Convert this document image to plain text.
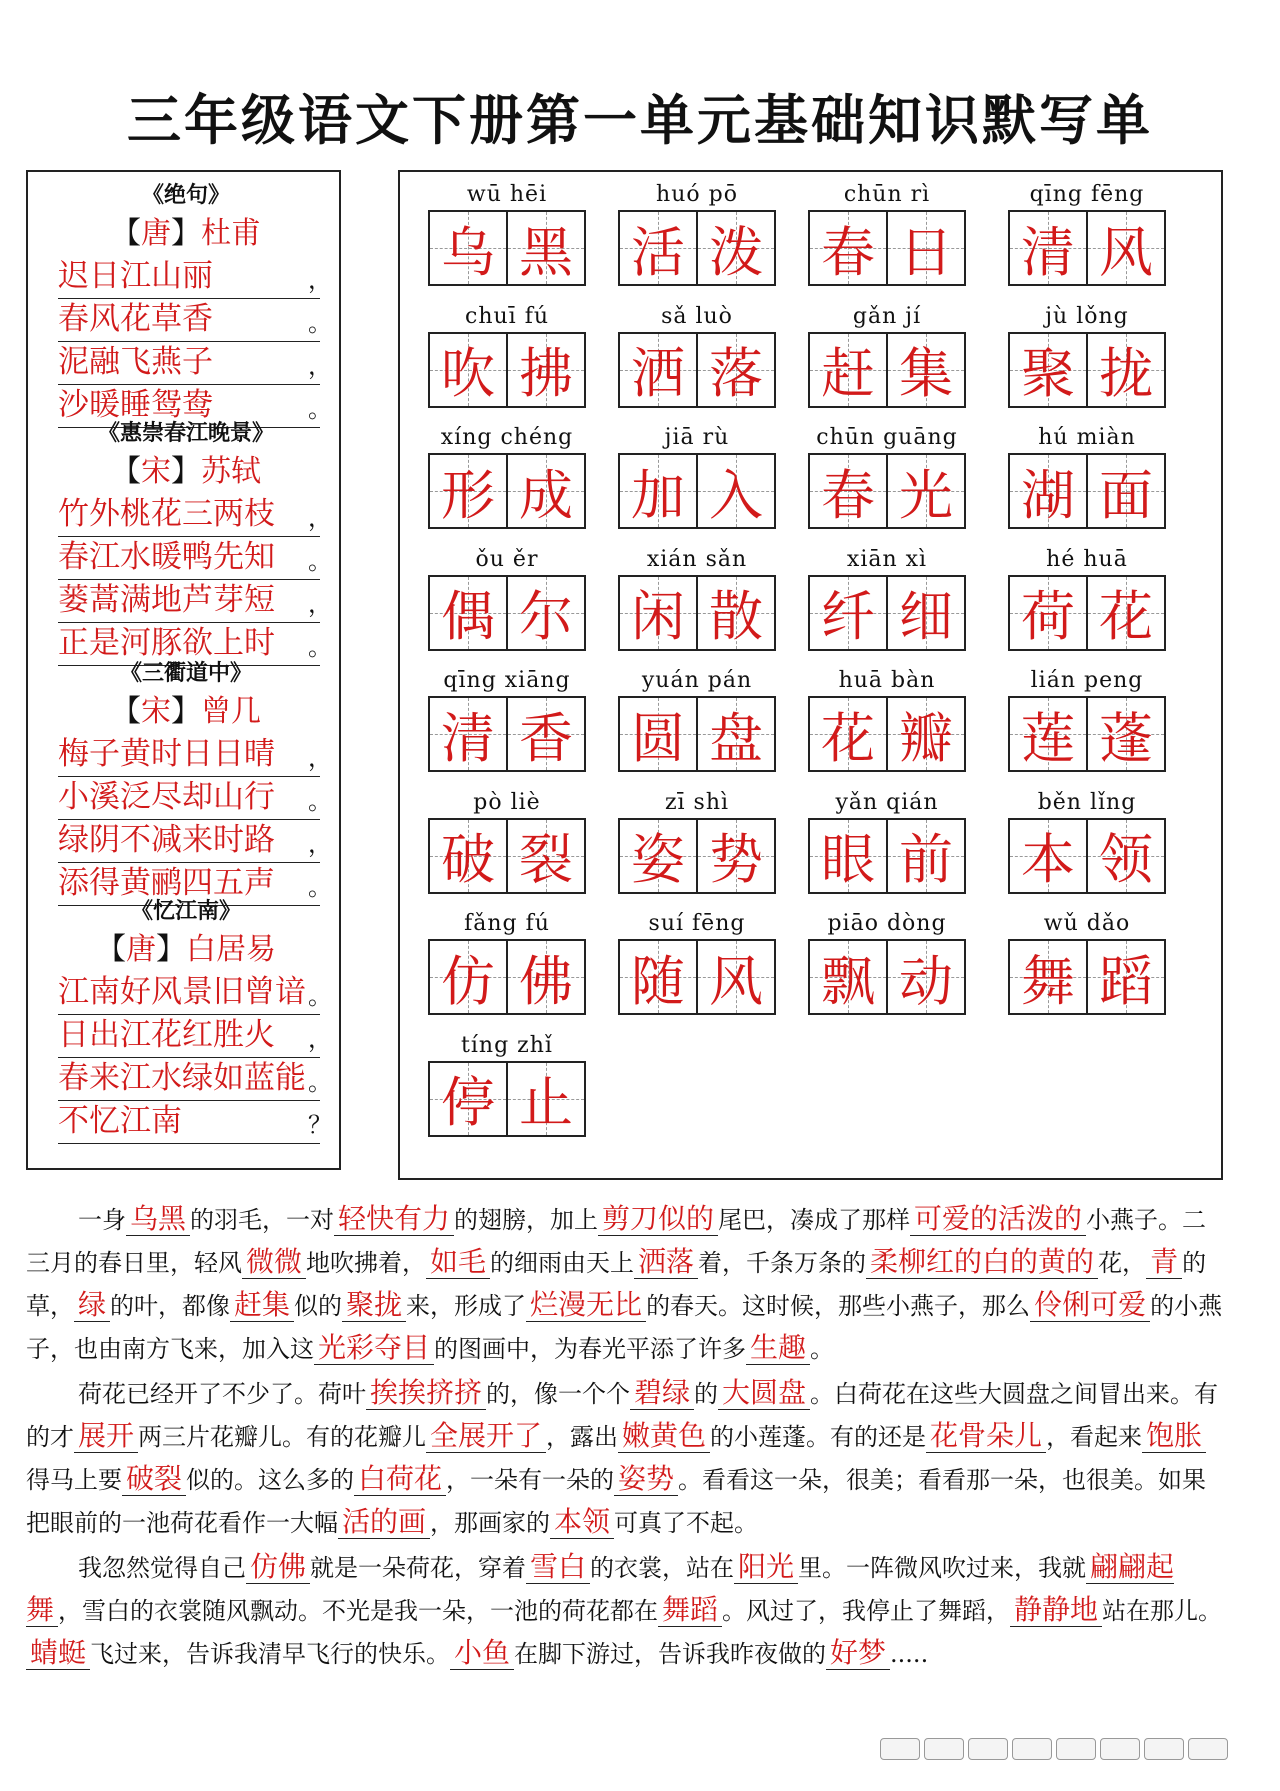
三年级语文下册第一单元基础知识默写单
《绝句》
【唐】杜甫
迟日江山丽	，
春风花草香	。
泥融飞燕子	，
沙暖睡鸳鸯	。
《惠崇春江晚景》
【宋】苏轼
竹外桃花三两枝 ，
春江水暖鸭先知 。
蒌蒿满地芦芽短 ，
正是河豚欲上时 。
《三衢道中》
【宋】曾几
梅子黄时日日晴 ，
小溪泛尽却山行 。
绿阴不减来时路 ，
添得黄鹂四五声 。
《忆江南》
【唐】白居易
江南好风景旧曾谙 。
日出江花红胜火 ，
春来江水绿如蓝能 。
不忆江南	？
wū hēi
乌 黑
huó pō
活 泼
chūn rì
春 日
qīng fēng
清 风
chuī fú
吹 拂
sǎ luò
洒 落
gǎn jí
赶 集
jù lǒng
聚 拢
xíng chéng
形 成
jiā rù
加 入
chūn guāng
春 光
hú miàn
湖 面
ǒu ěr
偶 尔
xián sǎn
闲 散
xiān xì
纤 细
hé huā
荷 花
qīng xiāng
清 香
yuán pán
圆 盘
huā bàn
花 瓣
lián peng
莲 蓬
pò liè
破 裂
zī shì
姿 势
yǎn qián
眼 前
běn lǐng
本 领
fǎng fú
仿 佛
suí fēng
随 风
piāo dòng
飘 动
wǔ dǎo
舞 蹈
tíng zhǐ
停 止

一身 乌黑 的羽毛，一对 轻快有力 的翅膀，加上 剪刀似的 尾巴，凑成了那样 可爱的活泼的 小燕子。二三月的春日里，轻风 微微 地吹拂着， 如毛 的细雨由天上 洒落 着，千条万条的 柔柳红的白的黄的 花， 青 的草， 绿 的叶，都像 赶集 似的 聚拢 来，形成了 烂漫无比 的春天。这时候，那些小燕子，那么 伶俐可爱 的小燕子，也由南方飞来，加入这 光彩夺目 的图画中，为春光平添了许多 生趣 。

荷花已经开了不少了。荷叶 挨挨挤挤 的，像一个个 碧绿 的 大圆盘 。白荷花在这些大圆盘之间冒出来。有的才 展开 两三片花瓣儿。有的花瓣儿 全展开了 ，露出 嫩黄色 的小莲蓬。有的还是 花骨朵儿 ，看起来 饱胀得马上要 破裂 似的。这么多的 白荷花 ，一朵有一朵的 姿势 。看看这一朵，很美；看看那一朵，也很美。如果把眼前的一池荷花看作一大幅 活的画 ，那画家的 本领 可真了不起。

我忽然觉得自己 仿佛 就是一朵荷花，穿着 雪白 的衣裳，站在 阳光 里。一阵微风吹过来，我就 翩翩起舞 ，雪白的衣裳随风飘动。不光是我一朵，一池的荷花都在 舞蹈 。风过了，我停止了舞蹈， 静静地 站在那儿。蜻蜓 飞过来，告诉我清早飞行的快乐。 小鱼 在脚下游过，告诉我昨夜做的 好梦 .....
